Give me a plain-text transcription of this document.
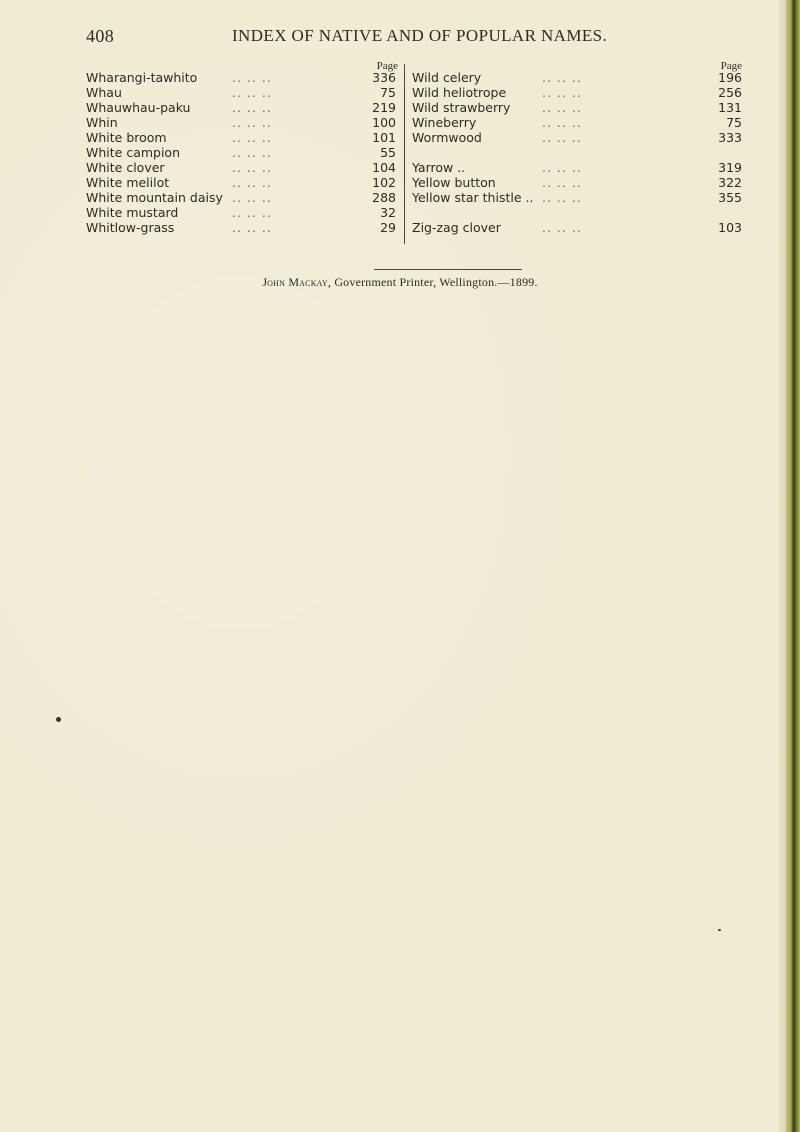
408	INDEX OF NATIVE AND OF POPULAR NAMES.
Page
Wharangi-tawhito	.. .. ..	336
Whau	.. .. ..	75
Whauwhau-paku	.. .. ..	219
Whin	.. .. ..	100
White broom	.. .. ..	101
White campion	.. .. ..	55
White clover	.. .. ..	104
White melilot	.. .. ..	102
White mountain daisy .. .. ..	288
White mustard	.. .. ..	32
Whitlow-grass	.. .. ..	29
Page
Wild celery	.. .. ..	196
Wild heliotrope	.. .. ..	256
Wild strawberry	.. .. ..	131
Wineberry	.. .. ..	75
Wormwood	.. .. ..	333
Yarrow ..	.. .. ..	319
Yellow button	.. .. ..	322
Yellow star thistle .. .. .. ..	355
Zig-zag clover	.. .. ..	103
John Mackay, Government Printer, Wellington.—1899.
